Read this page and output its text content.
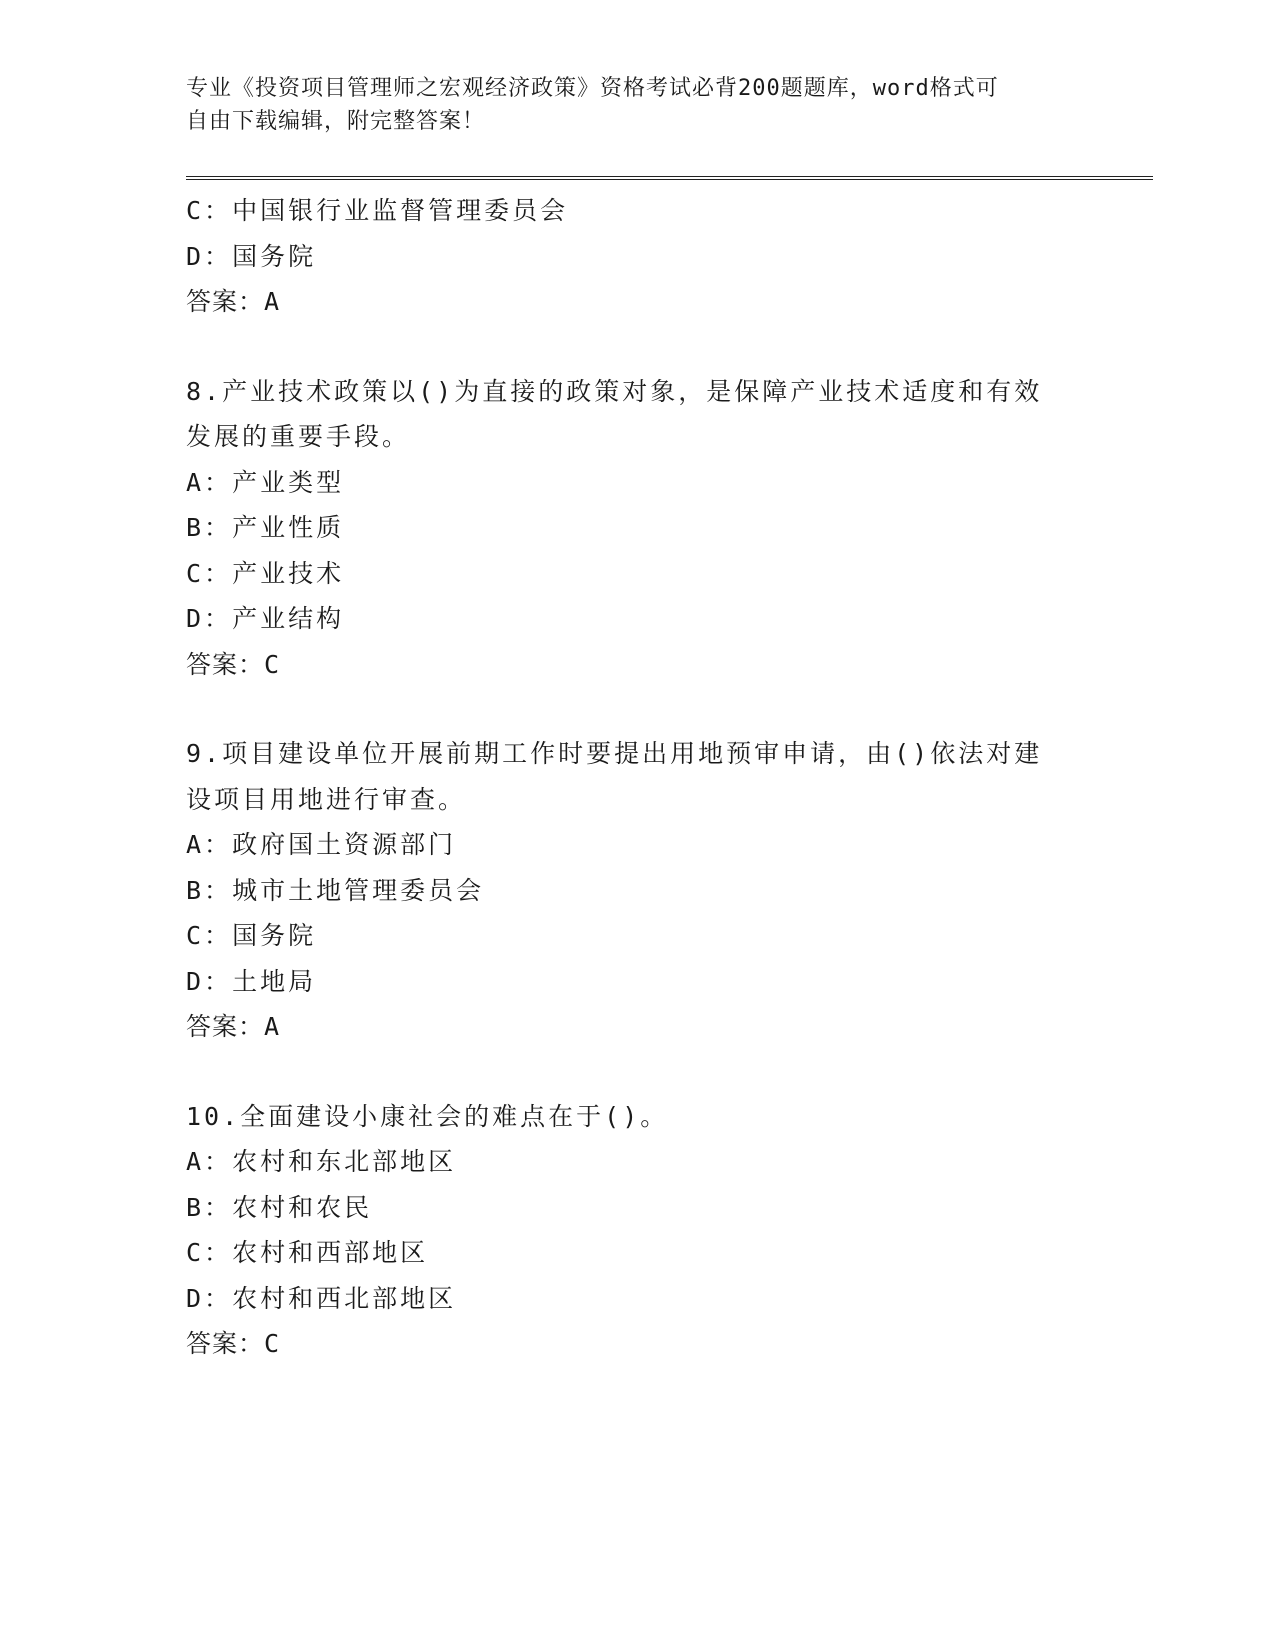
专业《投资项目管理师之宏观经济政策》资格考试必背200题题库，word格式可
自由下载编辑，附完整答案！
C：中国银行业监督管理委员会
D：国务院
答案：A
8.产业技术政策以()为直接的政策对象，是保障产业技术适度和有效
发展的重要手段。
A：产业类型
B：产业性质
C：产业技术
D：产业结构
答案：C
9.项目建设单位开展前期工作时要提出用地预审申请，由()依法对建
设项目用地进行审查。
A：政府国土资源部门
B：城市土地管理委员会
C：国务院
D：土地局
答案：A
10.全面建设小康社会的难点在于()。
A：农村和东北部地区
B：农村和农民
C：农村和西部地区
D：农村和西北部地区
答案：C
